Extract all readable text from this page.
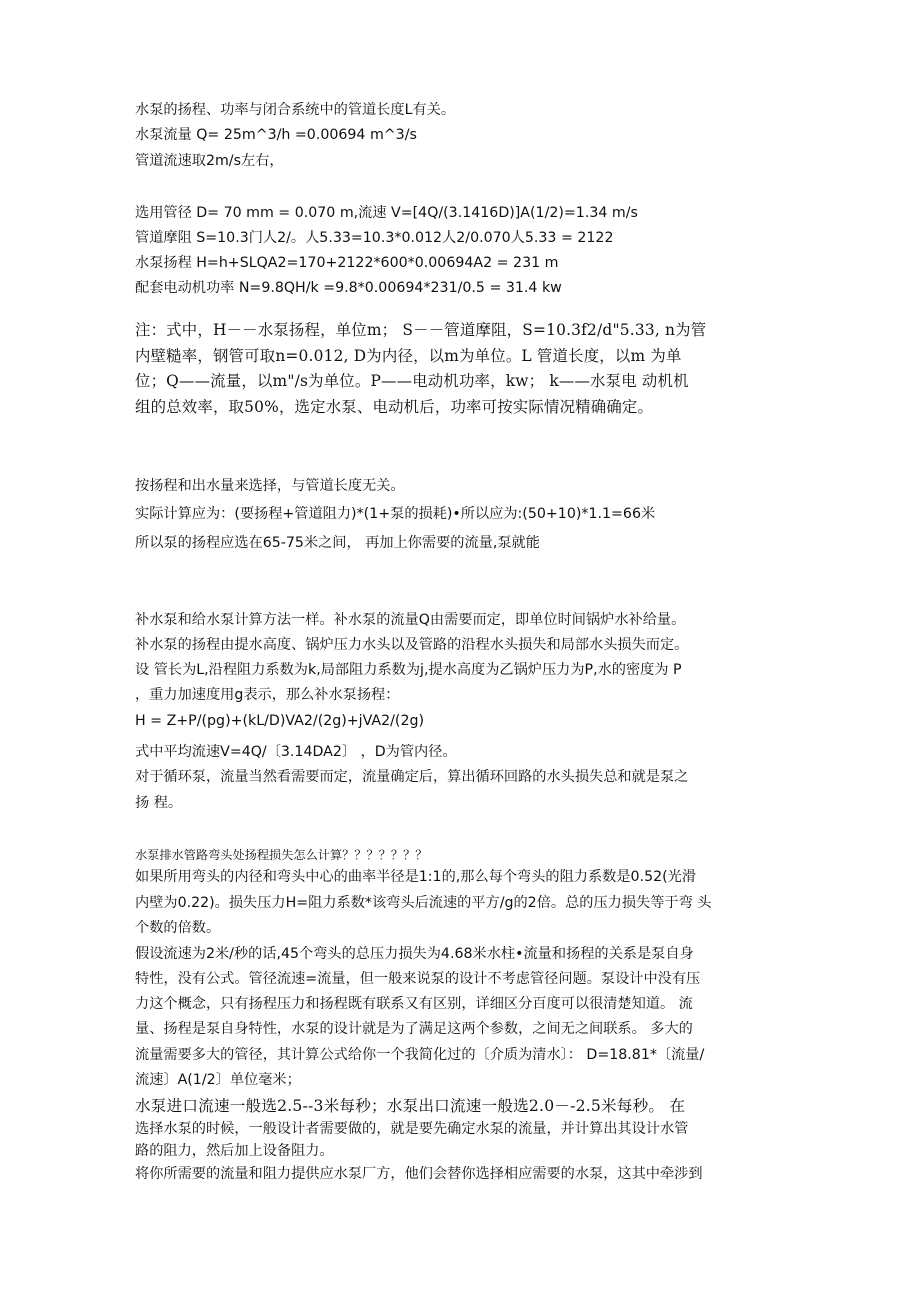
水泵的扬程、功率与闭合系统中的管道长度L有关。
水泵流量 Q= 25m^3/h =0.00694 m^3/s
管道流速取2m/s左右，
选用管径 D= 70 mm = 0.070 m,流速 V=[4Q/(3.1416D)]A(1/2)=1.34 m/s
管道摩阻 S=10.3门人2/。人5.33=10.3*0.012人2/0.070人5.33 = 2122
水泵扬程 H=h+SLQA2=170+2122*600*0.00694A2 = 231 m
配套电动机功率 N=9.8QH/k =9.8*0.00694*231/0.5 = 31.4 kw
注：式中，H－－水泵扬程，单位m； S－－管道摩阻，S=10.3f2/d"5.33, n为管
内壁糙率，钢管可取n=0.012, D为内径，以m为单位。L 管道长度，以m 为单
位；Q——流量，以m"/s为单位。P——电动机功率，kw； k——水泵电 动机机
组的总效率，取50%，选定水泵、电动机后，功率可按实际情况精确确定。
按扬程和出水量来选择，与管道长度无关。
实际计算应为：(要扬程+管道阻力)*(1+泵的损耗)•所以应为:(50+10)*1.1=66米
所以泵的扬程应选在65-75米之间， 再加上你需要的流量,泵就能
补水泵和给水泵计算方法一样。补水泵的流量Q由需要而定，即单位时间锅炉水补给量。
补水泵的扬程由提水高度、锅炉压力水头以及管路的沿程水头损失和局部水头损失而定。
设 管长为L,沿程阻力系数为k,局部阻力系数为j,提水高度为乙锅炉压力为P,水的密度为 P
，重力加速度用g表示，那么补水泵扬程：
H = Z+P/(pg)+(kL/D)VA2/(2g)+jVA2/(2g)
式中平均流速V=4Q/〔3.14DA2〕 ，D为管内径。
对于循环泵，流量当然看需要而定，流量确定后，算出循环回路的水头损失总和就是泵之
扬 程。
水泵排水管路弯头处扬程损失怎么计算？？？？？？？
如果所用弯头的内径和弯头中心的曲率半径是1:1的,那么每个弯头的阻力系数是0.52(光滑
内壁为0.22)。损失压力H=阻力系数*该弯头后流速的平方/g的2倍。总的压力损失等于弯 头
个数的倍数。
假设流速为2米/秒的话,45个弯头的总压力损失为4.68米水柱•流量和扬程的关系是泵自身
特性，没有公式。管径流速=流量，但一般来说泵的设计不考虑管径问题。泵设计中没有压
力这个概念，只有扬程压力和扬程既有联系又有区别，详细区分百度可以很清楚知道。 流
量、扬程是泵自身特性，水泵的设计就是为了满足这两个参数，之间无之间联系。 多大的
流量需要多大的管径，其计算公式给你一个我简化过的〔介质为清水〕： D=18.81*〔流量/
流速〕A(1/2〕单位毫米；
水泵进口流速一般选2.5--3米每秒；水泵出口流速一般选2.0－-2.5米每秒。 在
选择水泵的时候，一般设计者需要做的，就是要先确定水泵的流量，并计算出其设计水管
路的阻力，然后加上设备阻力。
将你所需要的流量和阻力提供应水泵厂方，他们会替你选择相应需要的水泵，这其中牵涉到
